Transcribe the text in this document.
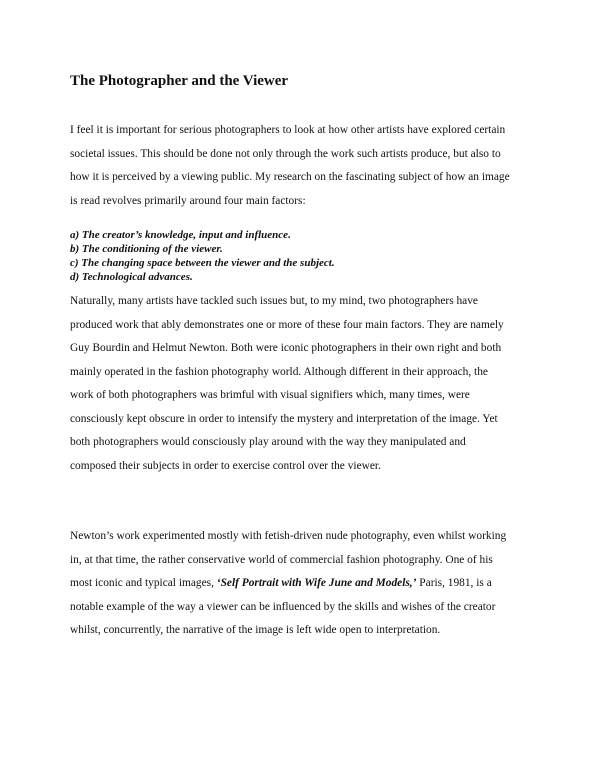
The Photographer and the Viewer

I feel it is important for serious photographers to look at how other artists have explored certain
societal issues. This should be done not only through the work such artists produce, but also to
how it is perceived by a viewing public. My research on the fascinating subject of how an image
is read revolves primarily around four main factors:

a) The creator’s knowledge, input and influence.
b) The conditioning of the viewer.
c) The changing space between the viewer and the subject.
d) Technological advances.

Naturally, many artists have tackled such issues but, to my mind, two photographers have
produced work that ably demonstrates one or more of these four main factors. They are namely
Guy Bourdin and Helmut Newton. Both were iconic photographers in their own right and both
mainly operated in the fashion photography world. Although different in their approach, the
work of both photographers was brimful with visual signifiers which, many times, were
consciously kept obscure in order to intensify the mystery and interpretation of the image. Yet
both photographers would consciously play around with the way they manipulated and
composed their subjects in order to exercise control over the viewer.

Newton’s work experimented mostly with fetish-driven nude photography, even whilst working
in, at that time, the rather conservative world of commercial fashion photography. One of his
most iconic and typical images, ‘Self Portrait with Wife June and Models,’ Paris, 1981, is a
notable example of the way a viewer can be influenced by the skills and wishes of the creator
whilst, concurrently, the narrative of the image is left wide open to interpretation.
